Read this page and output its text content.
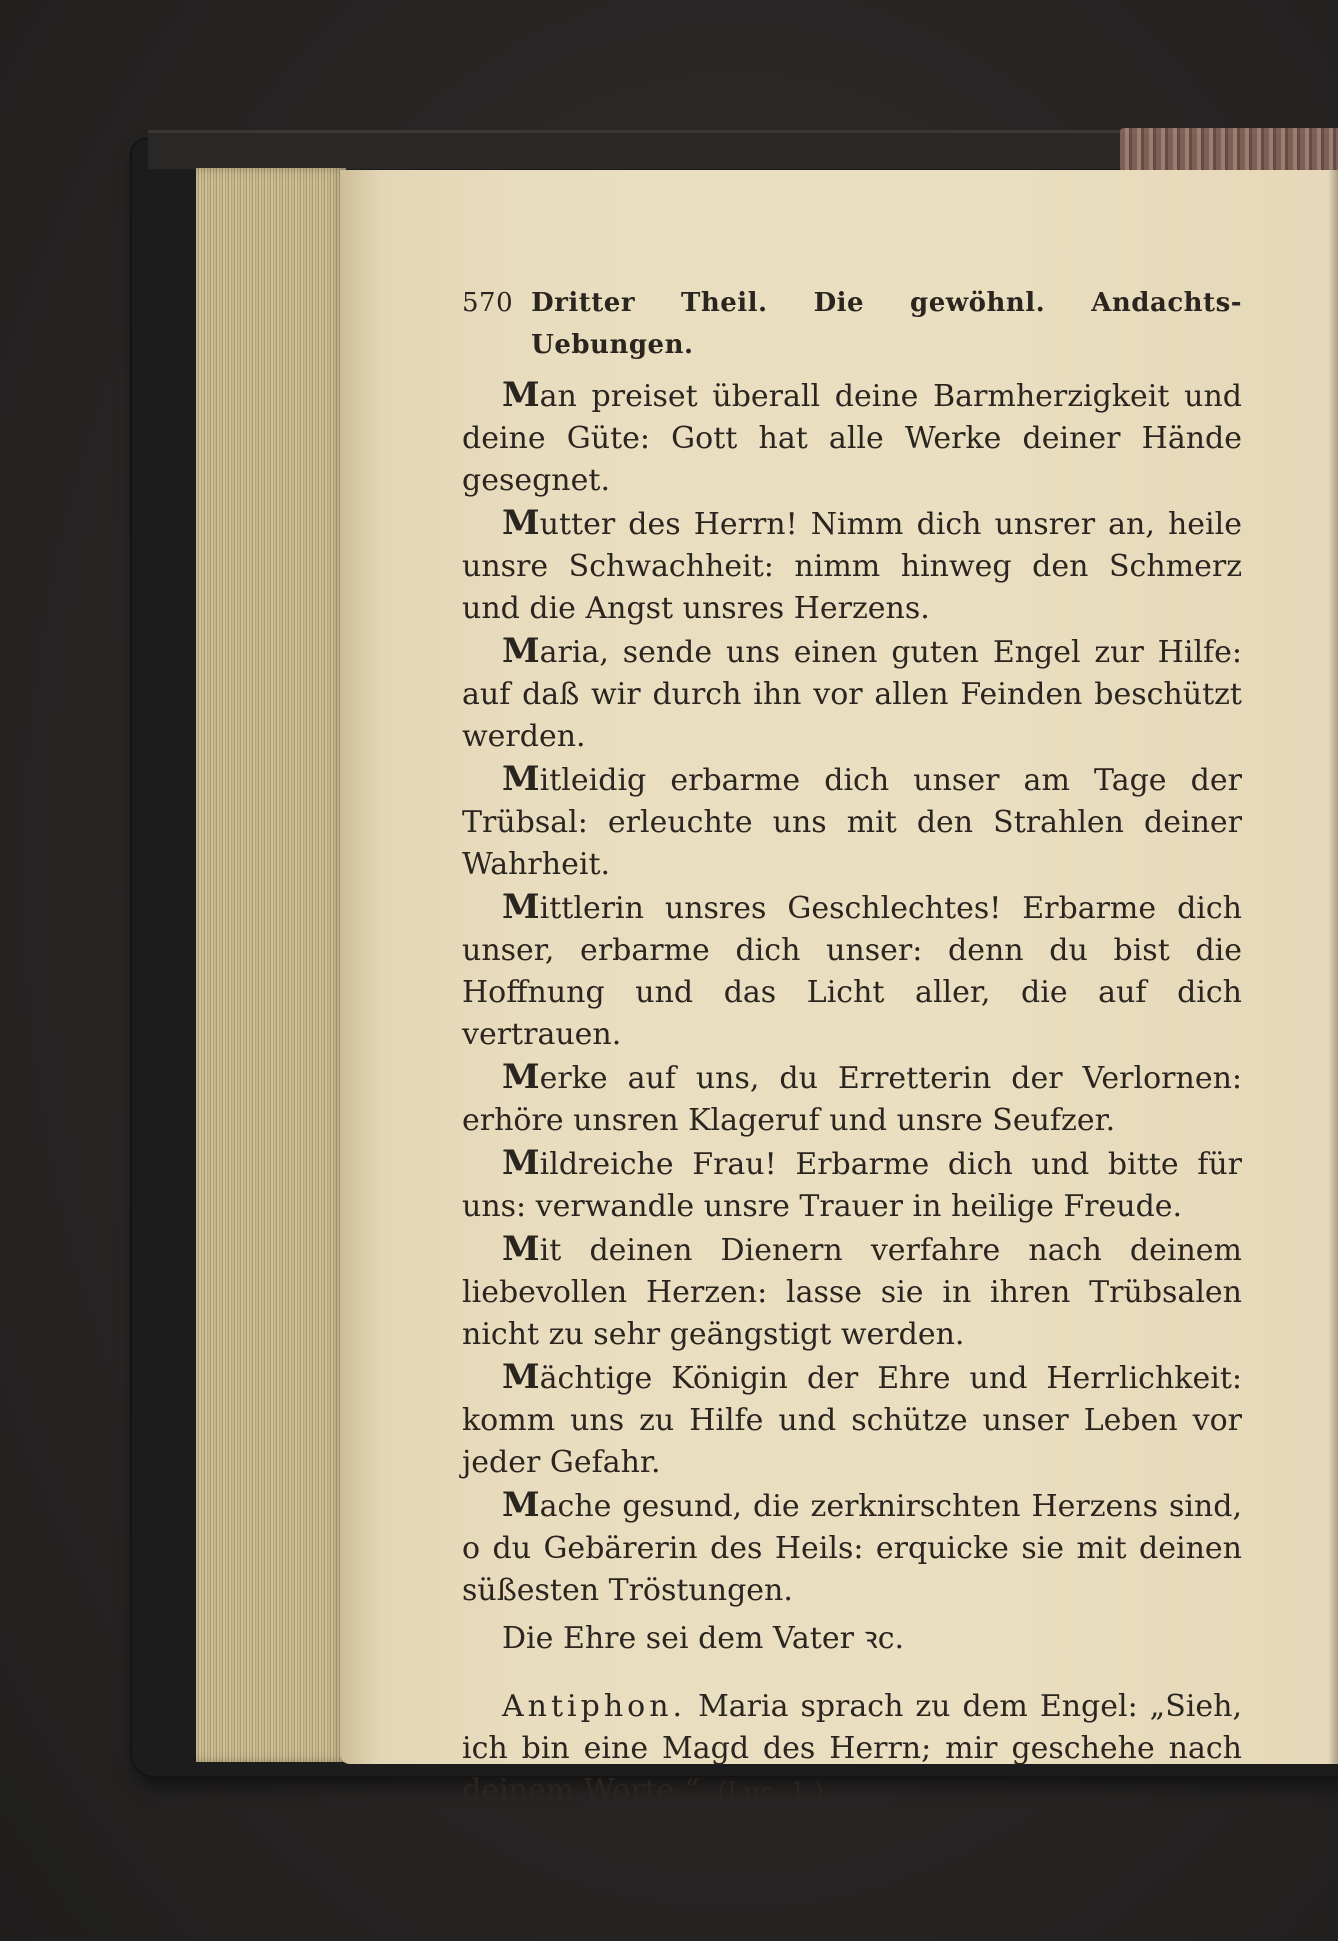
570 Dritter Theil. Die gewöhnl. Andachts-Uebungen.

Man preiset überall deine Barmherzigkeit und deine Güte: Gott hat alle Werke deiner Hände gesegnet.

Mutter des Herrn! Nimm dich unsrer an, heile unsre Schwachheit: nimm hinweg den Schmerz und die Angst unsres Herzens.

Maria, sende uns einen guten Engel zur Hilfe: auf daß wir durch ihn vor allen Feinden beschützt werden.

Mitleidig erbarme dich unser am Tage der Trübsal: erleuchte uns mit den Strahlen deiner Wahrheit.

Mittlerin unsres Geschlechtes! Erbarme dich unser, erbarme dich unser: denn du bist die Hoffnung und das Licht aller, die auf dich vertrauen.

Merke auf uns, du Erretterin der Verlornen: erhöre unsren Klageruf und unsre Seufzer.

Mildreiche Frau! Erbarme dich und bitte für uns: verwandle unsre Trauer in heilige Freude.

Mit deinen Dienern verfahre nach deinem liebevollen Herzen: lasse sie in ihren Trübsalen nicht zu sehr geängstigt werden.

Mächtige Königin der Ehre und Herrlichkeit: komm uns zu Hilfe und schütze unser Leben vor jeder Gefahr.

Mache gesund, die zerknirschten Herzens sind, o du Gebärerin des Heils: erquicke sie mit deinen süßesten Tröstungen.

Die Ehre sei dem Vater ꝛc.

Antiphon. Maria sprach zu dem Engel: „Sieh, ich bin eine Magd des Herrn; mir geschehe nach deinem Worte.“ (Luc. 1.)
